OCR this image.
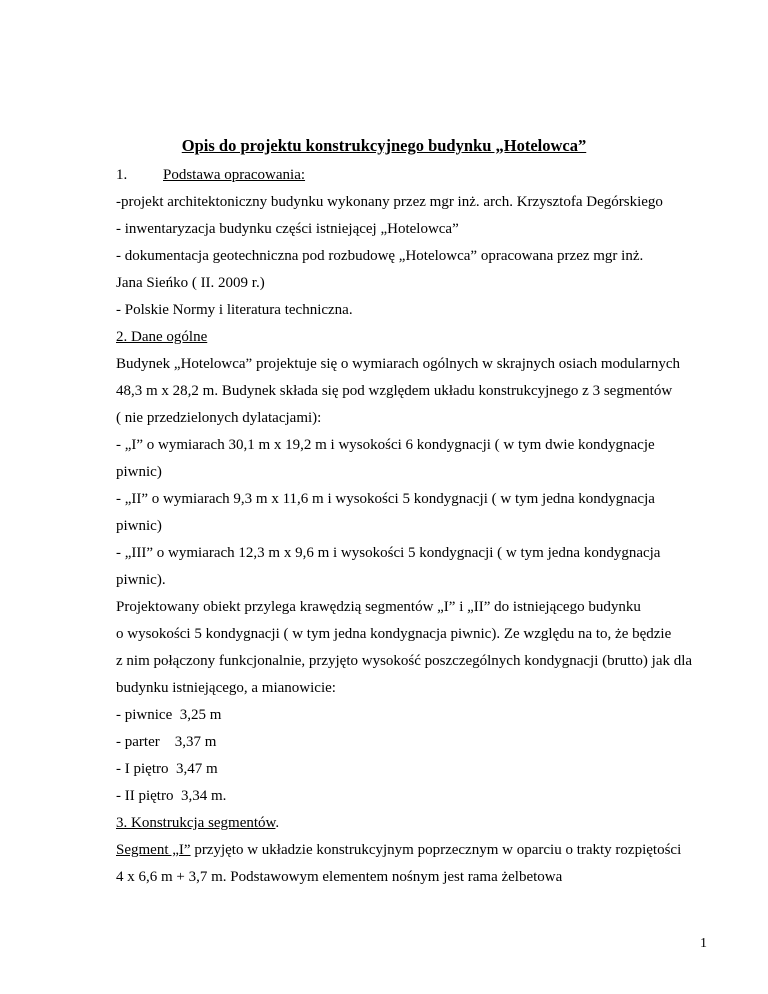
Opis do projektu konstrukcyjnego budynku „Hotelowca”
1. Podstawa opracowania:
-projekt architektoniczny budynku wykonany przez mgr inż. arch. Krzysztofa Degórskiego
- inwentaryzacja budynku części istniejącej „Hotelowca”
- dokumentacja geotechniczna pod rozbudowę „Hotelowca” opracowana przez mgr inż.
Jana Sieńko ( II. 2009 r.)
- Polskie Normy i literatura techniczna.
2. Dane ogólne
Budynek „Hotelowca” projektuje się o wymiarach ogólnych w skrajnych osiach modularnych
48,3 m x 28,2 m. Budynek składa się pod względem układu konstrukcyjnego z 3 segmentów
( nie przedzielonych dylatacjami):
- „I” o wymiarach 30,1 m x 19,2 m i wysokości 6 kondygnacji ( w tym dwie kondygnacje
piwnic)
- „II” o wymiarach 9,3 m x 11,6 m i wysokości 5 kondygnacji ( w tym jedna kondygnacja
piwnic)
- „III” o wymiarach 12,3 m x 9,6 m i wysokości 5 kondygnacji ( w tym jedna kondygnacja
piwnic).
Projektowany obiekt przylega krawędzią segmentów „I” i „II” do istniejącego budynku
o wysokości 5 kondygnacji ( w tym jedna kondygnacja piwnic). Ze względu na to, że będzie
z nim połączony funkcjonalnie, przyjęto wysokość poszczególnych kondygnacji (brutto) jak dla
budynku istniejącego, a mianowicie:
- piwnice  3,25 m
- parter    3,37 m
- I piętro  3,47 m
- II piętro  3,34 m.
3. Konstrukcja segmentów.
Segment „I” przyjęto w układzie konstrukcyjnym poprzecznym w oparciu o trakty rozpiętości
4 x 6,6 m + 3,7 m. Podstawowym elementem nośnym jest rama żelbetowa
1
